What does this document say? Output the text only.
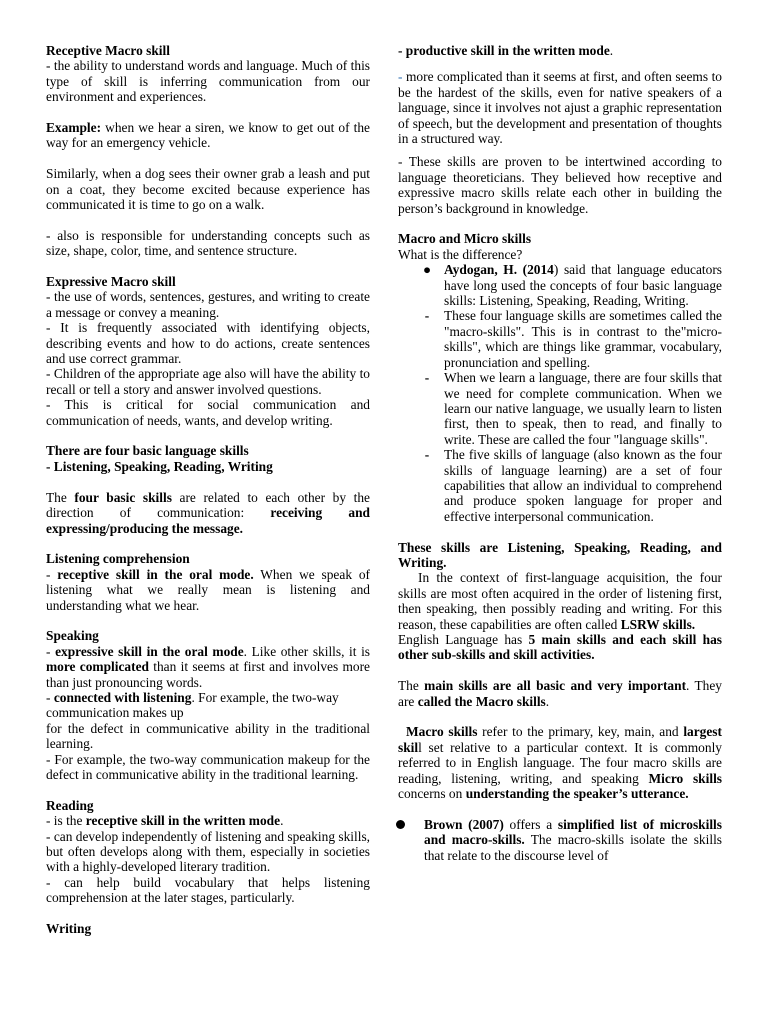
Receptive Macro skill

- the ability to understand words and language. Much of this type of skill is inferring communication from our environment and experiences.

Example: when we hear a siren, we know to get out of the way for an emergency vehicle.

Similarly, when a dog sees their owner grab a leash and put on a coat, they become excited because experience has communicated it is time to go on a walk.

- also is responsible for understanding concepts such as size, shape, color, time, and sentence structure.

Expressive Macro skill

- the use of words, sentences, gestures, and writing to create a message or convey a meaning.

- It is frequently associated with identifying objects, describing events and how to do actions, create sentences and use correct grammar.

- Children of the appropriate age also will have the ability to recall or tell a story and answer involved questions.

- This is critical for social communication and communication of needs, wants, and develop writing.

There are four basic language skills

- Listening, Speaking, Reading, Writing

The four basic skills are related to each other by the direction of communication: receiving and expressing/producing the message.

Listening comprehension

- receptive skill in the oral mode. When we speak of listening what we really mean is listening and understanding what we hear.

Speaking

- expressive skill in the oral mode. Like other skills, it is more complicated than it seems at first and involves more than just pronouncing words.

- connected with listening. For example, the two-way communication makes up

for the defect in communicative ability in the traditional learning.

- For example, the two-way communication makeup for the defect in communicative ability in the traditional learning.

Reading

- is the receptive skill in the written mode.

- can develop independently of listening and speaking skills, but often develops along with them, especially in societies with a highly-developed literary tradition.

- can help build vocabulary that helps listening comprehension at the later stages, particularly.

Writing

- productive skill in the written mode.

- more complicated than it seems at first, and often seems to be the hardest of the skills, even for native speakers of a language, since it involves not ajust a graphic representation of speech, but the development and presentation of thoughts in a structured way.

- These skills are proven to be intertwined according to language theoreticians. They believed how receptive and expressive macro skills relate each other in building the person’s background in knowledge.

Macro and Micro skills

What is the difference?

● Aydogan, H. (2014) said that language educators have long used the concepts of four basic language skills: Listening, Speaking, Reading, Writing.
-	These four language skills are sometimes called the "macro-skills". This is in contrast to the"micro-skills", which are things like grammar, vocabulary, pronunciation and spelling.
-	When we learn a language, there are four skills that we need for complete communication. When we learn our native language, we usually learn to listen first, then to speak, then to read, and finally to write. These are called the four "language skills".
-	The five skills of language (also known as the four skills of language learning) are a set of four capabilities that allow an individual to comprehend and produce spoken language for proper and effective interpersonal communication.

These skills are Listening, Speaking, Reading, and Writing.

In the context of first-language acquisition, the four skills are most often acquired in the order of listening first, then speaking, then possibly reading and writing. For this reason, these capabilities are often called LSRW skills.

English Language has 5 main skills and each skill has other sub-skills and skill activities.

The main skills are all basic and very important. They are called the Macro skills.

Macro skills refer to the primary, key, main, and largest skill set relative to a particular context. It is commonly referred to in English language. The four macro skills are reading, listening, writing, and speaking Micro skills concerns on understanding the speaker’s utterance.

Brown (2007) offers a simplified list of microskills and macro-skills. The macro-skills isolate the skills that relate to the discourse level of
